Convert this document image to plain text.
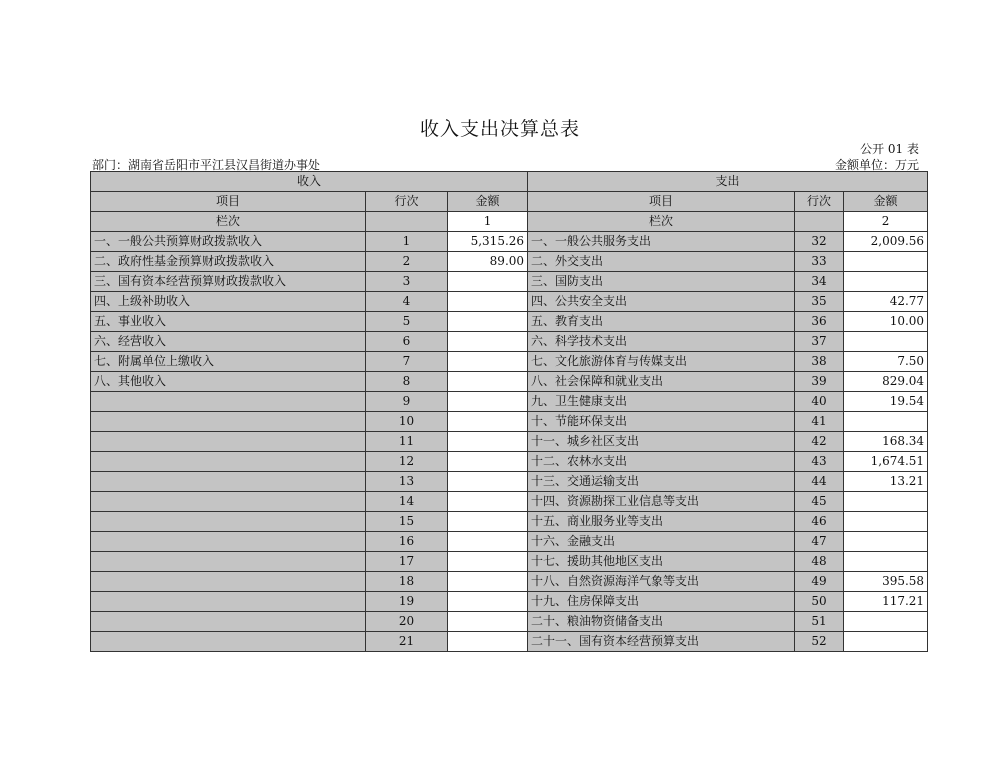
收入支出决算总表
公开 01 表
部门：湖南省岳阳市平江县汉昌街道办事处	金额单位：万元
收入			支出		
项目	行次	金额	项目	行次	金额
栏次		1	栏次		2
一、一般公共预算财政拨款收入	1	5,315.26	一、一般公共服务支出	32	2,009.56
二、政府性基金预算财政拨款收入	2	89.00	二、外交支出	33	
三、国有资本经营预算财政拨款收入	3		三、国防支出	34	
四、上级补助收入	4		四、公共安全支出	35	42.77
五、事业收入	5		五、教育支出	36	10.00
六、经营收入	6		六、科学技术支出	37	
七、附属单位上缴收入	7		七、文化旅游体育与传媒支出	38	7.50
八、其他收入	8		八、社会保障和就业支出	39	829.04
	9		九、卫生健康支出	40	19.54
	10		十、节能环保支出	41	
	11		十一、城乡社区支出	42	168.34
	12		十二、农林水支出	43	1,674.51
	13		十三、交通运输支出	44	13.21
	14		十四、资源勘探工业信息等支出	45	
	15		十五、商业服务业等支出	46	
	16		十六、金融支出	47	
	17		十七、援助其他地区支出	48	
	18		十八、自然资源海洋气象等支出	49	395.58
	19		十九、住房保障支出	50	117.21
	20		二十、粮油物资储备支出	51	
	21		二十一、国有资本经营预算支出	52	
